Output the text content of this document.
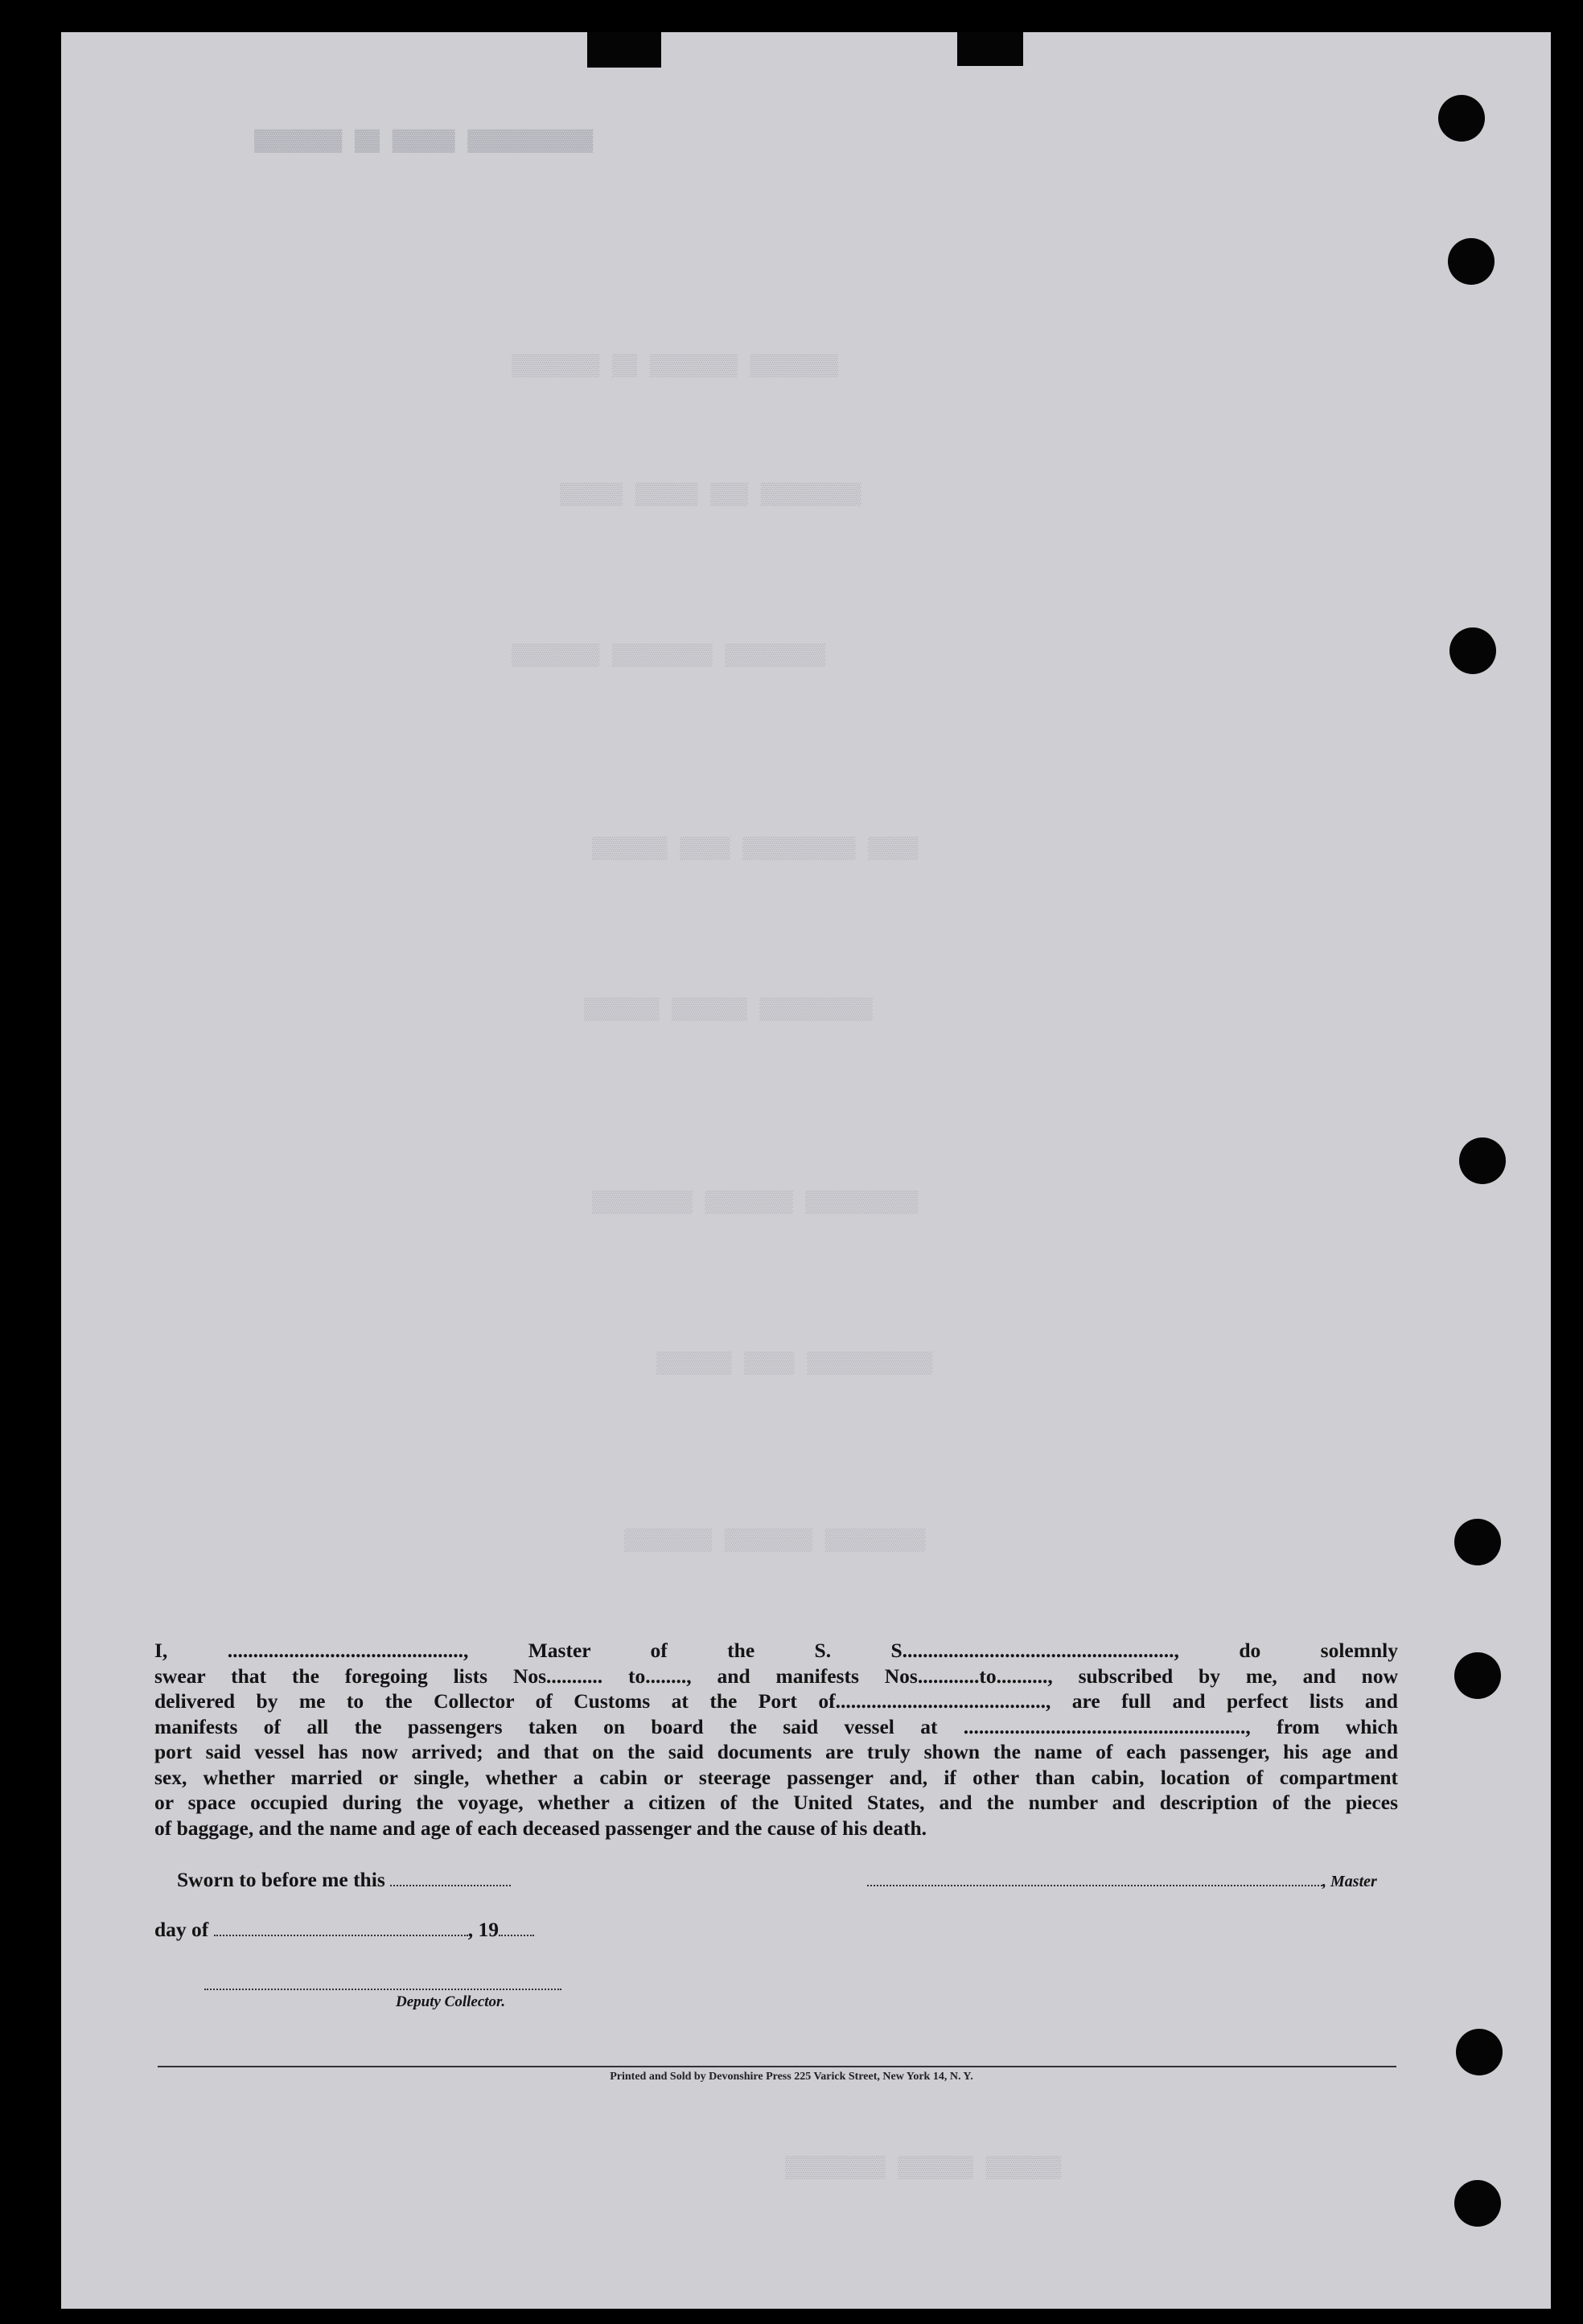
▓▓▓▓▓▓▓ ▓▓ ▓▓▓▓▓ ▓▓▓▓▓▓▓▓▓▓
▒▒▒▒▒▒▒ ▒▒ ▒▒▒▒▒▒▒ ▒▒▒▒▒▒▒
▒▒▒▒▒ ▒▒▒▒▒ ▒▒▒ ▒▒▒▒▒▒▒▒
▒▒▒▒▒▒▒ ▒▒▒▒▒▒▒▒ ▒▒▒▒▒▒▒▒
▒▒▒▒▒▒ ▒▒▒▒ ▒▒▒▒▒▒▒▒▒ ▒▒▒▒
▒▒▒▒▒▒ ▒▒▒▒▒▒ ▒▒▒▒▒▒▒▒▒
▒▒▒▒▒▒▒▒ ▒▒▒▒▒▒▒ ▒▒▒▒▒▒▒▒▒
▒▒▒▒▒▒ ▒▒▒▒ ▒▒▒▒▒▒▒▒▒▒
▒▒▒▒▒▒▒ ▒▒▒▒▒▒▒ ▒▒▒▒▒▒▒▒
▒▒▒▒▒▒▒▒ ▒▒▒▒▒▒ ▒▒▒▒▒▒
I, .............................................., Master of the S. S....................................................., do solemnly
swear that the foregoing lists Nos........... to........, and manifests Nos............to.........., subscribed by me, and now
delivered by me to the Collector of Customs at the Port of........................................., are full and perfect lists and
manifests of all the passengers taken on board the said vessel at ......................................................., from which
port said vessel has now arrived; and that on the said documents are truly shown the name of each passenger, his age and
sex, whether married or single, whether a cabin or steerage passenger and, if other than cabin, location of compartment
or space occupied during the voyage, whether a citizen of the United States, and the number and description of the pieces
of baggage, and the name and age of each deceased passenger and the cause of his death.
Sworn to before me this	, Master
day of	, 19
Deputy Collector.
Printed and Sold by Devonshire Press 225 Varick Street, New York 14, N. Y.
